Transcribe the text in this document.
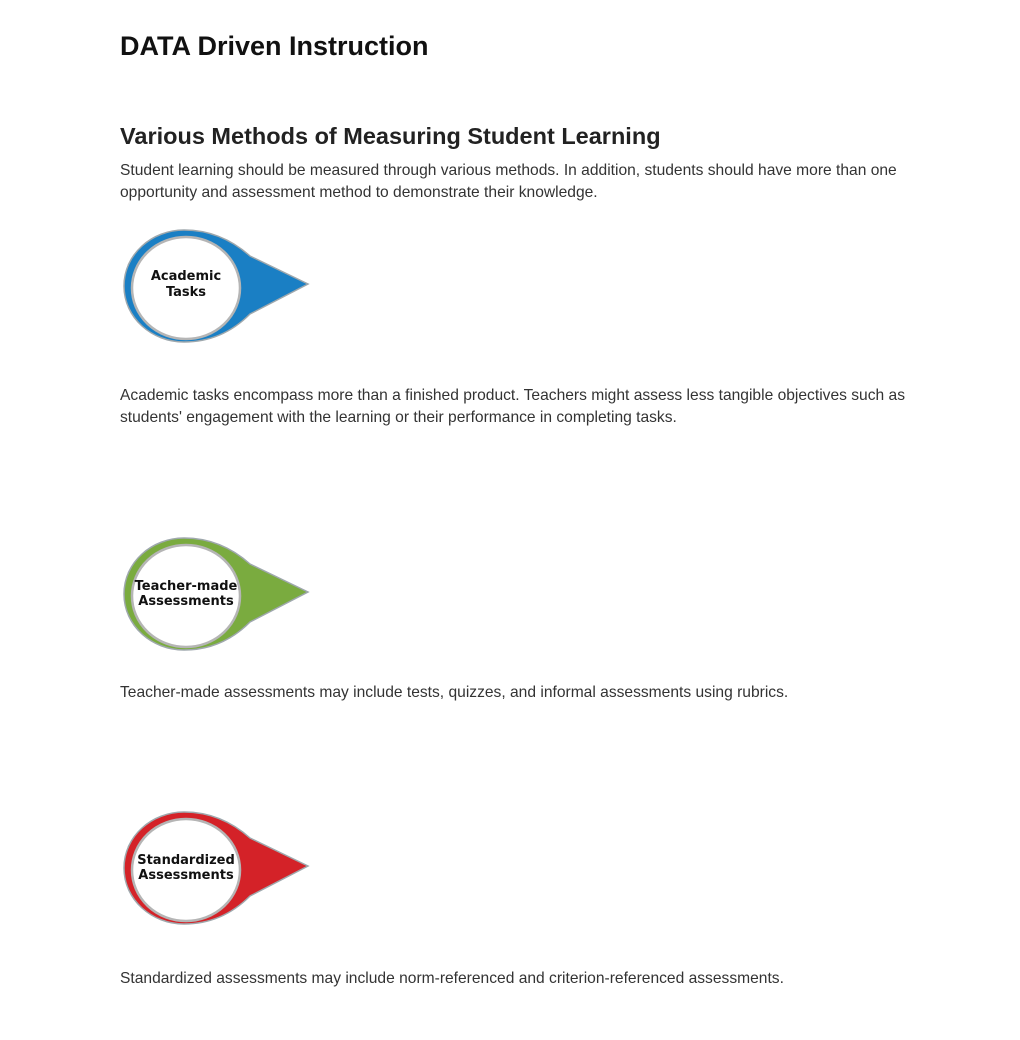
DATA Driven Instruction
Various Methods of Measuring Student Learning

Student learning should be measured through various methods. In addition, students should have more than one opportunity and assessment method to demonstrate their knowledge.

Academic
Tasks

Academic tasks encompass more than a finished product. Teachers might assess less tangible objectives such as students' engagement with the learning or their performance in completing tasks.

Teacher-made
Assessments

Teacher-made assessments may include tests, quizzes, and informal assessments using rubrics.

Standardized
Assessments

Standardized assessments may include norm-referenced and criterion-referenced assessments.
